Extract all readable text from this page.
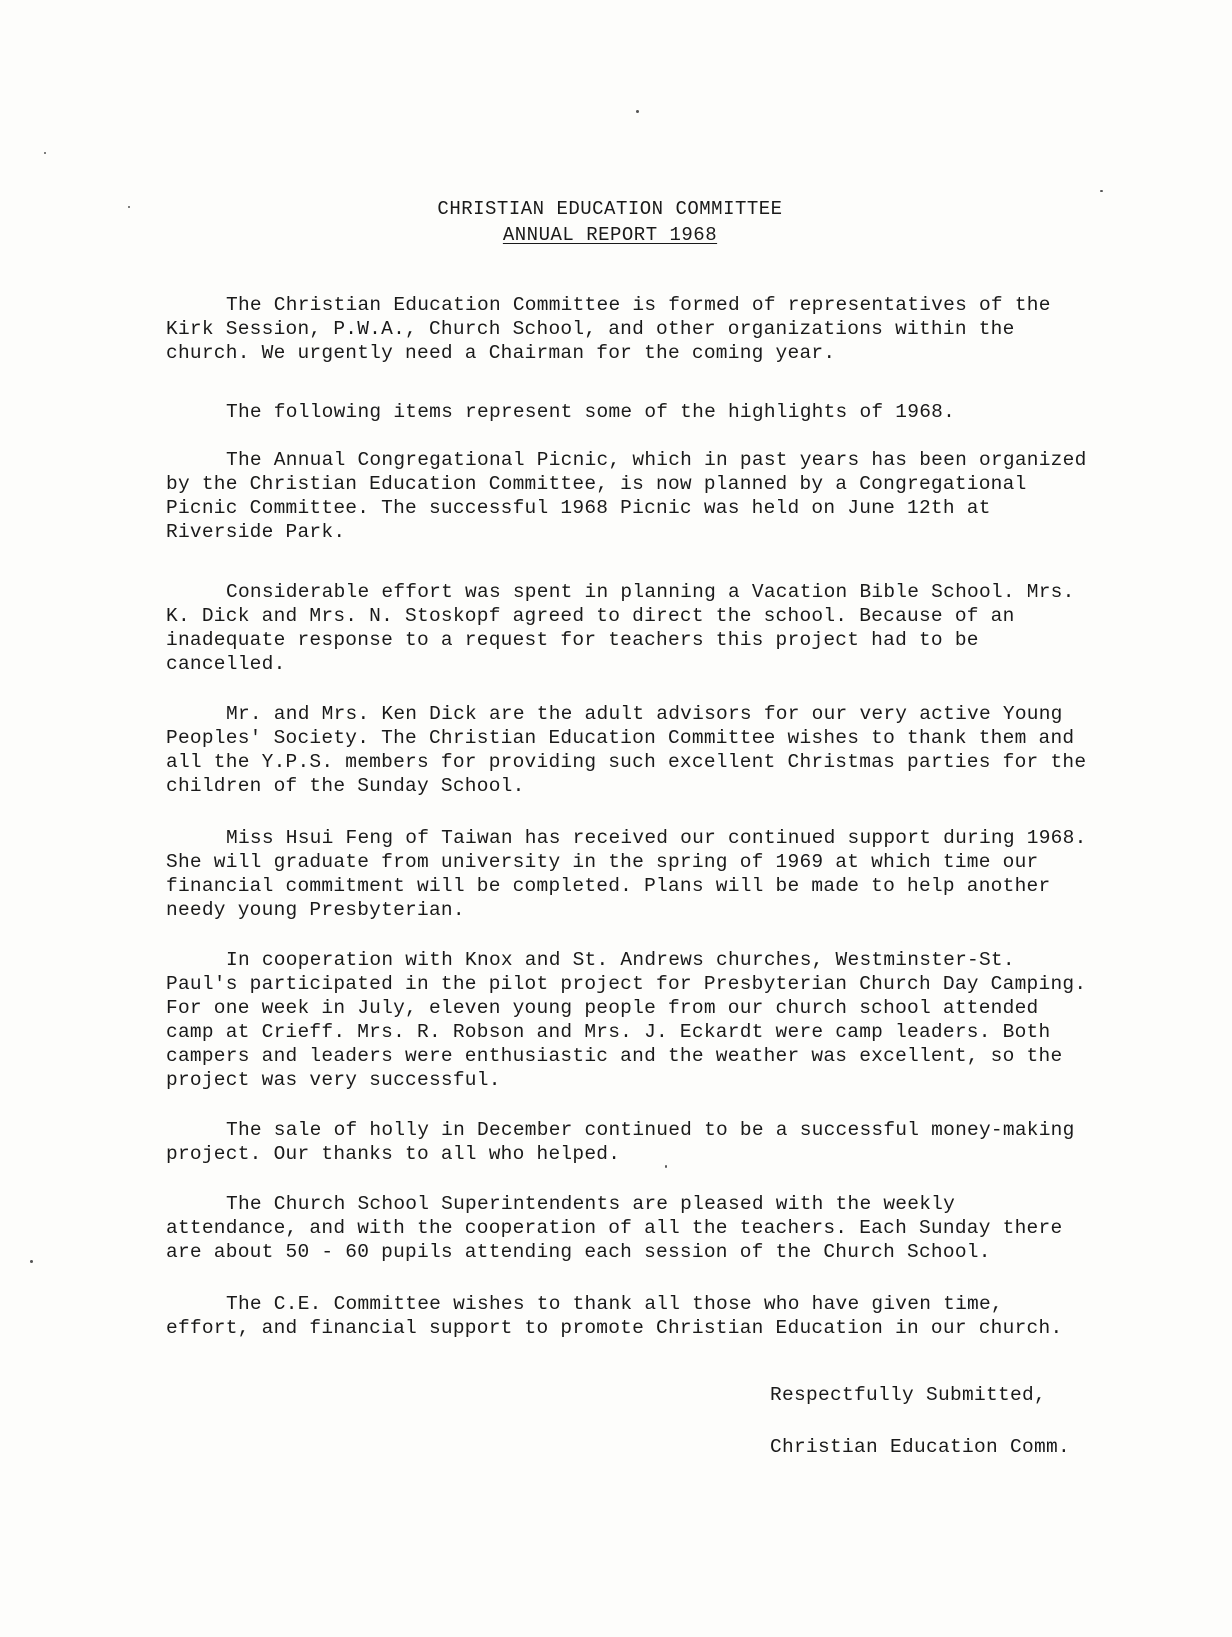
CHRISTIAN EDUCATION COMMITTEE
ANNUAL REPORT 1968

The Christian Education Committee is formed of representatives of the Kirk Session, P.W.A., Church School, and other organizations within the church. We urgently need a Chairman for the coming year.

The following items represent some of the highlights of 1968.

The Annual Congregational Picnic, which in past years has been organized by the Christian Education Committee, is now planned by a Congregational Picnic Committee. The successful 1968 Picnic was held on June 12th at Riverside Park.

Considerable effort was spent in planning a Vacation Bible School. Mrs. K. Dick and Mrs. N. Stoskopf agreed to direct the school. Because of an inadequate response to a request for teachers this project had to be cancelled.

Mr. and Mrs. Ken Dick are the adult advisors for our very active Young Peoples' Society. The Christian Education Committee wishes to thank them and all the Y.P.S. members for providing such excellent Christmas parties for the children of the Sunday School.

Miss Hsui Feng of Taiwan has received our continued support during 1968. She will graduate from university in the spring of 1969 at which time our financial commitment will be completed. Plans will be made to help another needy young Presbyterian.

In cooperation with Knox and St. Andrews churches, Westminster-St. Paul's participated in the pilot project for Presbyterian Church Day Camping. For one week in July, eleven young people from our church school attended camp at Crieff. Mrs. R. Robson and Mrs. J. Eckardt were camp leaders. Both campers and leaders were enthusiastic and the weather was excellent, so the project was very successful.

The sale of holly in December continued to be a successful money-making project. Our thanks to all who helped.

The Church School Superintendents are pleased with the weekly attendance, and with the cooperation of all the teachers. Each Sunday there are about 50 - 60 pupils attending each session of the Church School.

The C.E. Committee wishes to thank all those who have given time, effort, and financial support to promote Christian Education in our church.

Respectfully Submitted,
Christian Education Comm.
